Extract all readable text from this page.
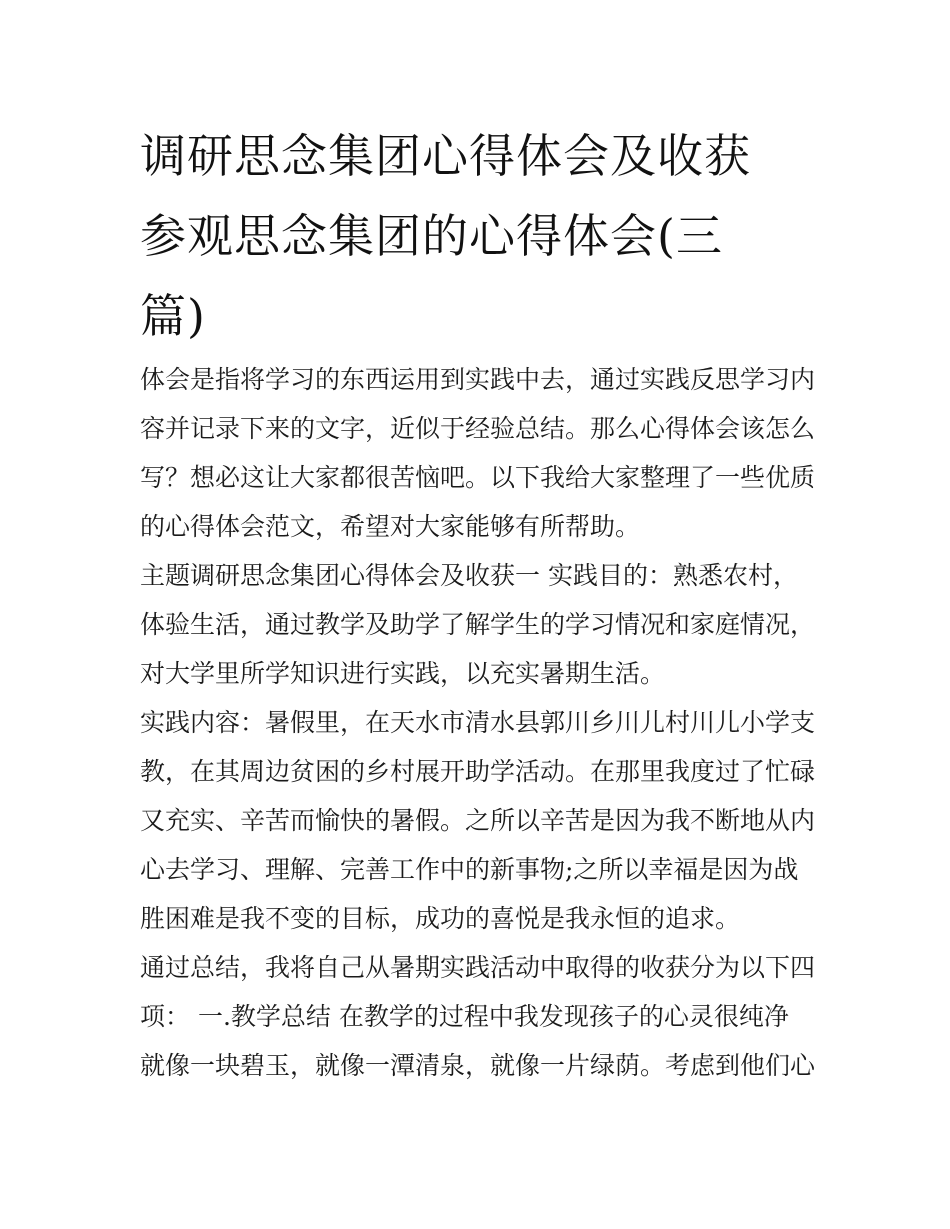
调研思念集团心得体会及收获
参观思念集团的心得体会(三
篇)

体会是指将学习的东西运用到实践中去，通过实践反思学习内
容并记录下来的文字，近似于经验总结。那么心得体会该怎么
写？想必这让大家都很苦恼吧。以下我给大家整理了一些优质
的心得体会范文，希望对大家能够有所帮助。

主题调研思念集团心得体会及收获一 实践目的：熟悉农村，
体验生活，通过教学及助学了解学生的学习情况和家庭情况，
对大学里所学知识进行实践，以充实暑期生活。

实践内容：暑假里，在天水市清水县郭川乡川儿村川儿小学支
教，在其周边贫困的乡村展开助学活动。在那里我度过了忙碌
又充实、辛苦而愉快的暑假。之所以辛苦是因为我不断地从内
心去学习、理解、完善工作中的新事物;之所以幸福是因为战
胜困难是我不变的目标，成功的喜悦是我永恒的追求。

通过总结，我将自己从暑期实践活动中取得的收获分为以下四
项： 一.教学总结 在教学的过程中我发现孩子的心灵很纯净
就像一块碧玉，就像一潭清泉，就像一片绿荫。考虑到他们心
